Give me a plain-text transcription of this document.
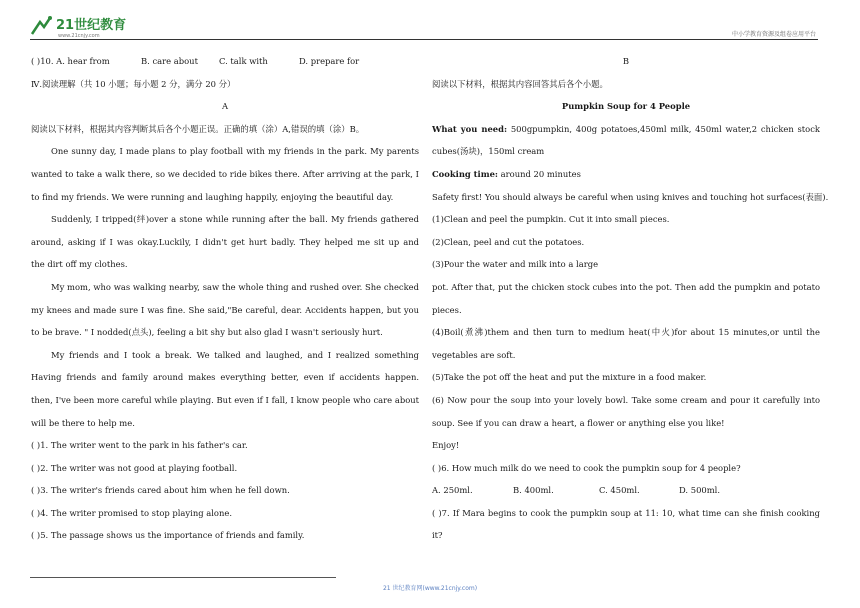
21世纪教育
www.21cnjy.com	中小学教育资源及组卷应用平台
( )10. A. hear from	B. care about	C. talk with	D. prepare for
Ⅳ.阅读理解（共 10 小题；每小题 2 分，满分 20 分）
A
阅读以下材料，根据其内容判断其后各个小题正误。正确的填（涂）A,错误的填（涂）B。
One sunny day, I made plans to play football with my friends in the park. My parents
wanted to take a walk there, so we decided to ride bikes there. After arriving at the park, I
to find my friends. We were running and laughing happily, enjoying the beautiful day.
Suddenly, I tripped(绊)over a stone while running after the ball. My friends gathered
around, asking if I was okay.Luckily, I didn't get hurt badly. They helped me sit up and
the dirt off my clothes.
My mom, who was walking nearby, saw the whole thing and rushed over. She checked
my knees and made sure I was fine. She said,"Be careful, dear. Accidents happen, but you
to be brave. " I nodded(点头), feeling a bit shy but also glad I wasn't seriously hurt.
My friends and I took a break. We talked and laughed, and I realized something
Having friends and family around makes everything better, even if accidents happen.
then, I've been more careful while playing. But even if I fall, I know people who care about
will be there to help me.
( )1. The writer went to the park in his father's car.
( )2. The writer was not good at playing football.
( )3. The writer's friends cared about him when he fell down.
( )4. The writer promised to stop playing alone.
( )5. The passage shows us the importance of friends and family.
B
阅读以下材料，根据其内容回答其后各个小题。
Pumpkin Soup for 4 People
What you need: 500gpumpkin, 400g potatoes,450ml milk, 450ml water,2 chicken stock
cubes(汤块)，150ml cream
Cooking time: around 20 minutes
Safety first! You should always be careful when using knives and touching hot surfaces(表面).
(1)Clean and peel the pumpkin. Cut it into small pieces.
(2)Clean, peel and cut the potatoes.
(3)Pour the water and milk into a large
pot. After that, put the chicken stock cubes into the pot. Then add the pumpkin and potato
pieces.
(4)Boil(煮沸)them and then turn to medium heat(中火)for about 15 minutes,or until the
vegetables are soft.
(5)Take the pot off the heat and put the mixture in a food maker.
(6) Now pour the soup into your lovely bowl. Take some cream and pour it carefully into
soup. See if you can draw a heart, a flower or anything else you like!
Enjoy!
( )6. How much milk do we need to cook the pumpkin soup for 4 people?
A. 250ml.	B. 400ml.	C. 450ml.	D. 500ml.
( )7. If Mara begins to cook the pumpkin soup at 11: 10, what time can she finish cooking
it?
21 世纪教育网(www.21cnjy.com)
